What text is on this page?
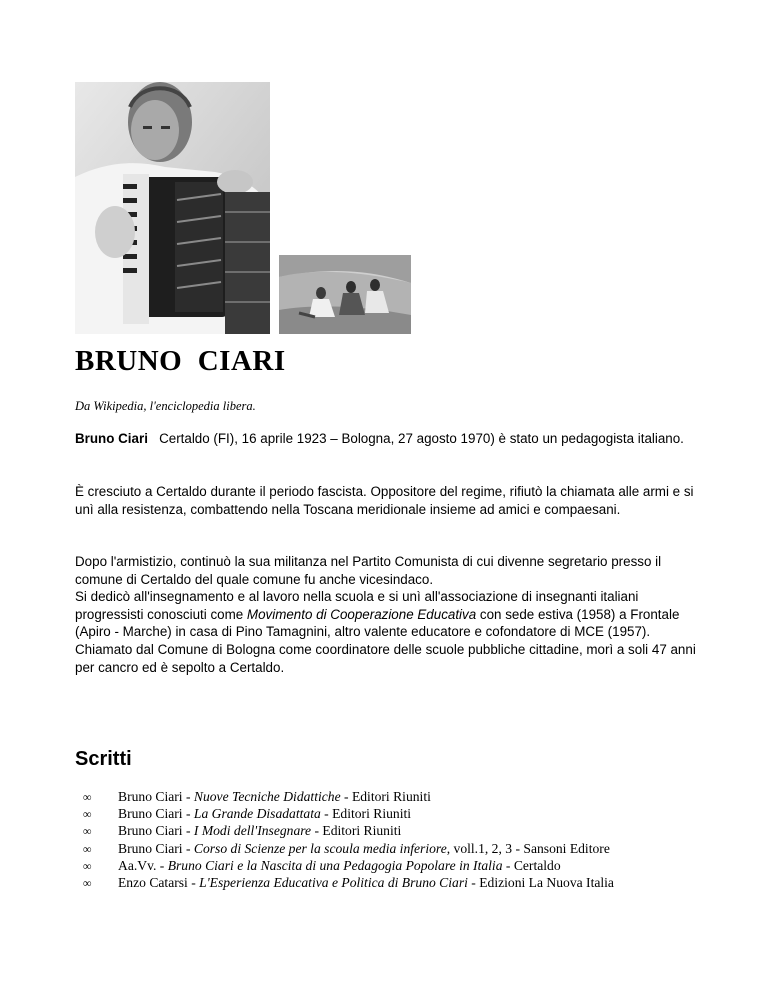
BRUNO  CIARI
Da Wikipedia, l'enciclopedia libera.

Bruno Ciari   Certaldo (FI), 16 aprile 1923 – Bologna, 27 agosto 1970) è stato un pedagogista italiano.

È cresciuto a Certaldo durante il periodo fascista. Oppositore del regime, rifiutò la chiamata alle armi e si unì alla resistenza, combattendo nella Toscana meridionale insieme ad amici e compaesani.

Dopo l'armistizio, continuò la sua militanza nel Partito Comunista di cui divenne segretario presso il comune di Certaldo del quale comune fu anche vicesindaco.
Si dedicò all'insegnamento e al lavoro nella scuola e si unì all'associazione di insegnanti italiani progressisti conosciuti come Movimento di Cooperazione Educativa con sede estiva (1958) a Frontale (Apiro - Marche) in casa di Pino Tamagnini, altro valente educatore e cofondatore di MCE (1957).
Chiamato dal Comune di Bologna come coordinatore delle scuole pubbliche cittadine, morì a soli 47 anni per cancro ed è sepolto a Certaldo.

Scritti
∞ Bruno Ciari - Nuove Tecniche Didattiche - Editori Riuniti
∞ Bruno Ciari - La Grande Disadattata - Editori Riuniti
∞ Bruno Ciari - I Modi dell'Insegnare - Editori Riuniti
∞ Bruno Ciari - Corso di Scienze per la scoula media inferiore, voll.1, 2, 3 - Sansoni Editore
∞ Aa.Vv. - Bruno Ciari e la Nascita di una Pedagogia Popolare in Italia - Certaldo
∞ Enzo Catarsi - L'Esperienza Educativa e Politica di Bruno Ciari - Edizioni La Nuova Italia
